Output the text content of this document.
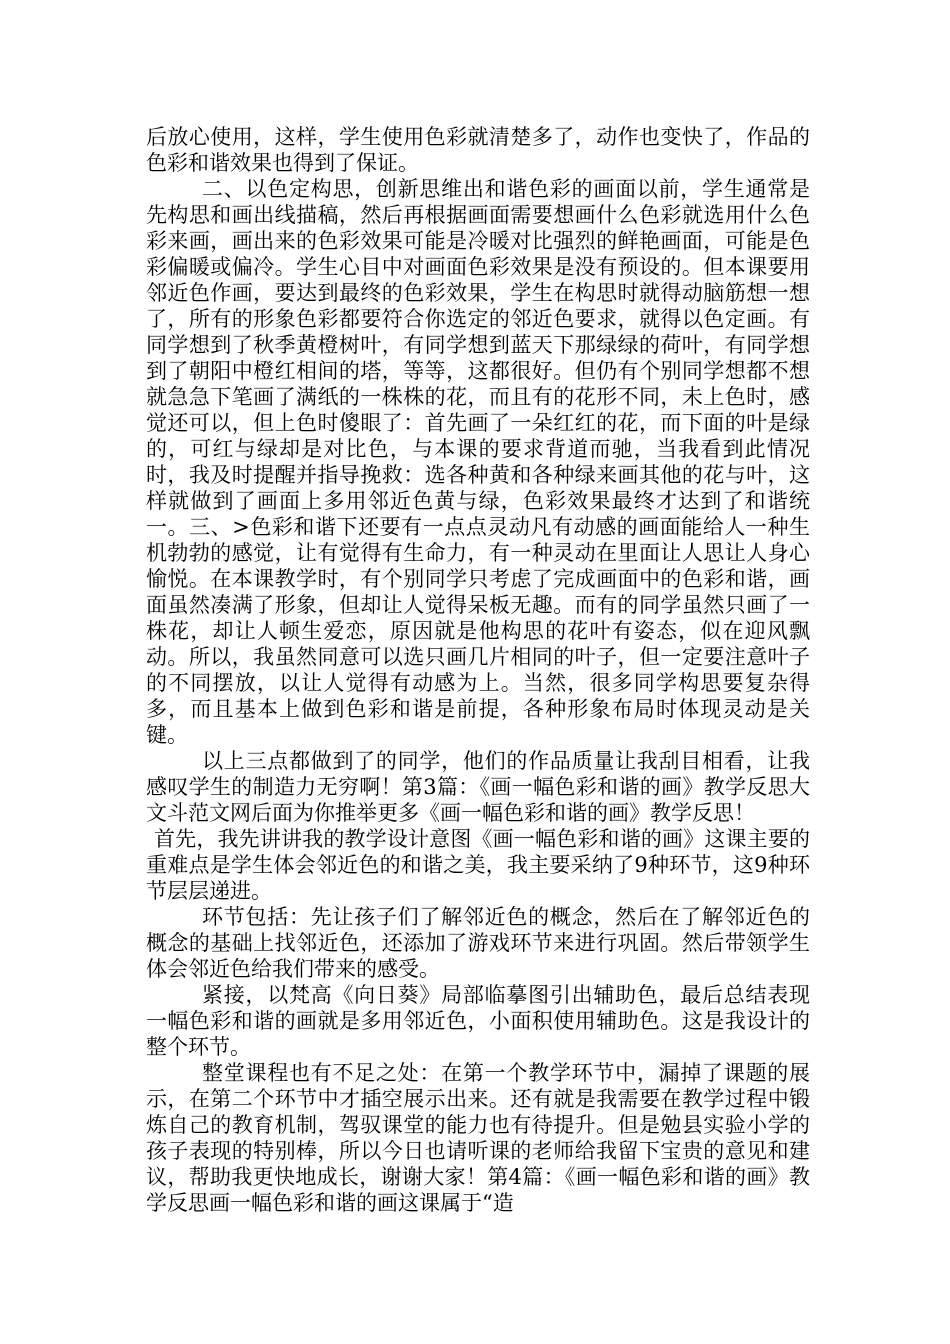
后放心使用，这样，学生使用色彩就清楚多了，动作也变快了，作品的色彩和谐效果也得到了保证。

二、以色定构思，创新思维出和谐色彩的画面以前，学生通常是先构思和画出线描稿，然后再根据画面需要想画什么色彩就选用什么色彩来画，画出来的色彩效果可能是冷暖对比强烈的鲜艳画面，可能是色彩偏暖或偏冷。学生心目中对画面色彩效果是没有预设的。但本课要用邻近色作画，要达到最终的色彩效果，学生在构思时就得动脑筋想一想了，所有的形象色彩都要符合你选定的邻近色要求，就得以色定画。有同学想到了秋季黄橙树叶，有同学想到蓝天下那绿绿的荷叶，有同学想到了朝阳中橙红相间的塔，等等，这都很好。但仍有个别同学想都不想就急急下笔画了满纸的一株株的花，而且有的花形不同，未上色时，感觉还可以，但上色时傻眼了：首先画了一朵红红的花，而下面的叶是绿的，可红与绿却是对比色，与本课的要求背道而驰，当我看到此情况时，我及时提醒并指导挽救：选各种黄和各种绿来画其他的花与叶，这样就做到了画面上多用邻近色黄与绿，色彩效果最终才达到了和谐统一。三、>色彩和谐下还要有一点点灵动凡有动感的画面能给人一种生机勃勃的感觉，让有觉得有生命力，有一种灵动在里面让人思让人身心愉悦。在本课教学时，有个别同学只考虑了完成画面中的色彩和谐，画面虽然凑满了形象，但却让人觉得呆板无趣。而有的同学虽然只画了一株花，却让人顿生爱恋，原因就是他构思的花叶有姿态，似在迎风飘动。所以，我虽然同意可以选只画几片相同的叶子，但一定要注意叶子的不同摆放，以让人觉得有动感为上。当然，很多同学构思要复杂得多，而且基本上做到色彩和谐是前提，各种形象布局时体现灵动是关键。

以上三点都做到了的同学，他们的作品质量让我刮目相看，让我感叹学生的制造力无穷啊！第3篇：《画一幅色彩和谐的画》教学反思大文斗范文网后面为你推举更多《画一幅色彩和谐的画》教学反思！

首先，我先讲讲我的教学设计意图《画一幅色彩和谐的画》这课主要的重难点是学生体会邻近色的和谐之美，我主要采纳了9种环节，这9种环节层层递进。

环节包括：先让孩子们了解邻近色的概念，然后在了解邻近色的概念的基础上找邻近色，还添加了游戏环节来进行巩固。然后带领学生体会邻近色给我们带来的感受。

紧接，以梵高《向日葵》局部临摹图引出辅助色，最后总结表现一幅色彩和谐的画就是多用邻近色，小面积使用辅助色。这是我设计的整个环节。

整堂课程也有不足之处：在第一个教学环节中，漏掉了课题的展示，在第二个环节中才插空展示出来。还有就是我需要在教学过程中锻炼自己的教育机制，驾驭课堂的能力也有待提升。但是勉县实验小学的孩子表现的特别棒，所以今日也请听课的老师给我留下宝贵的意见和建议，帮助我更快地成长，谢谢大家！第4篇：《画一幅色彩和谐的画》教学反思画一幅色彩和谐的画这课属于“造
